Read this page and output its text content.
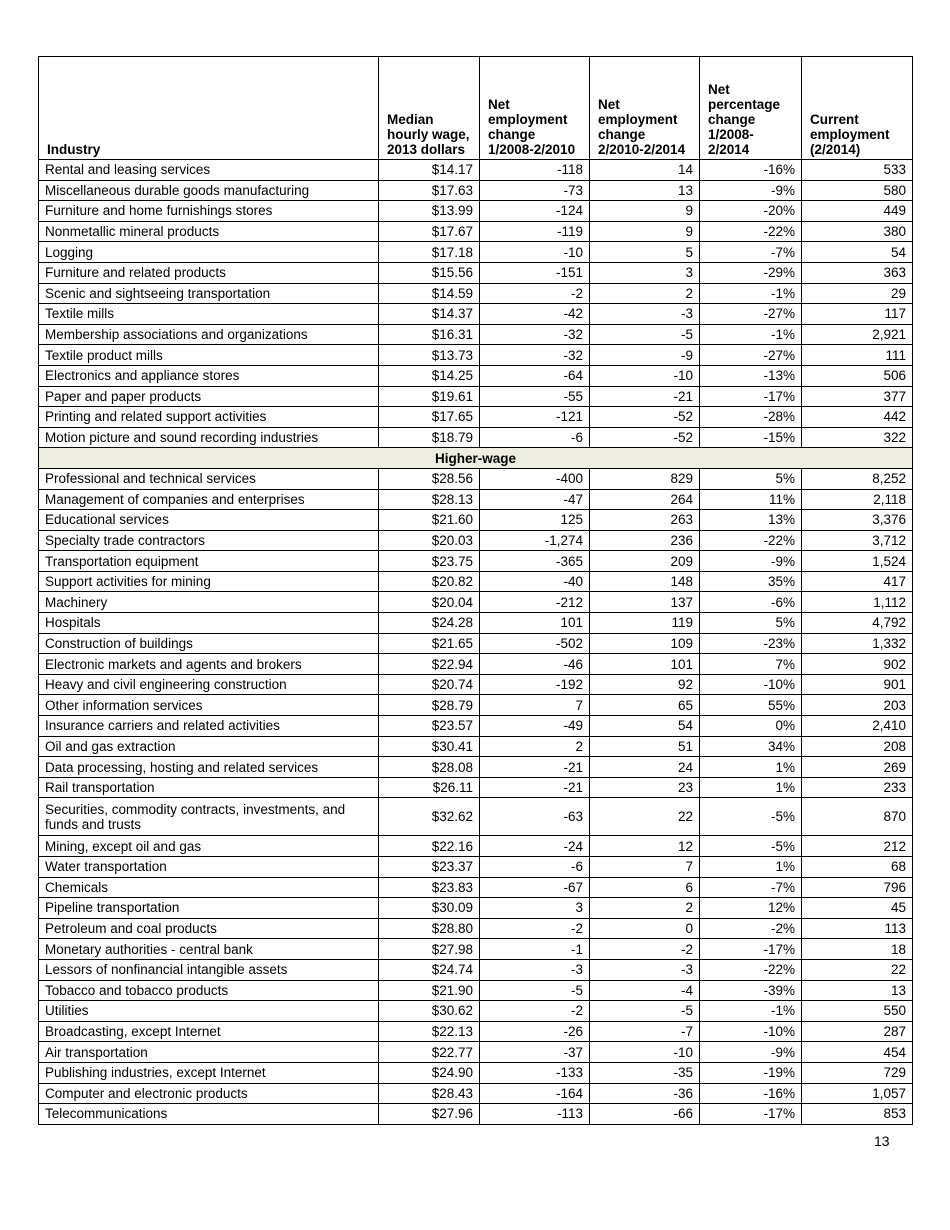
Industry	Median hourly wage, 2013 dollars	Net employment change 1/2008-2/2010	Net employment change 2/2010-2/2014	Net percentage change 1/2008-2/2014	Current employment (2/2014)
Rental and leasing services	$14.17	-118	14	-16%	533
Miscellaneous durable goods manufacturing	$17.63	-73	13	-9%	580
Furniture and home furnishings stores	$13.99	-124	9	-20%	449
Nonmetallic mineral products	$17.67	-119	9	-22%	380
Logging	$17.18	-10	5	-7%	54
Furniture and related products	$15.56	-151	3	-29%	363
Scenic and sightseeing transportation	$14.59	-2	2	-1%	29
Textile mills	$14.37	-42	-3	-27%	117
Membership associations and organizations	$16.31	-32	-5	-1%	2,921
Textile product mills	$13.73	-32	-9	-27%	111
Electronics and appliance stores	$14.25	-64	-10	-13%	506
Paper and paper products	$19.61	-55	-21	-17%	377
Printing and related support activities	$17.65	-121	-52	-28%	442
Motion picture and sound recording industries	$18.79	-6	-52	-15%	322
Higher-wage					
Professional and technical services	$28.56	-400	829	5%	8,252
Management of companies and enterprises	$28.13	-47	264	11%	2,118
Educational services	$21.60	125	263	13%	3,376
Specialty trade contractors	$20.03	-1,274	236	-22%	3,712
Transportation equipment	$23.75	-365	209	-9%	1,524
Support activities for mining	$20.82	-40	148	35%	417
Machinery	$20.04	-212	137	-6%	1,112
Hospitals	$24.28	101	119	5%	4,792
Construction of buildings	$21.65	-502	109	-23%	1,332
Electronic markets and agents and brokers	$22.94	-46	101	7%	902
Heavy and civil engineering construction	$20.74	-192	92	-10%	901
Other information services	$28.79	7	65	55%	203
Insurance carriers and related activities	$23.57	-49	54	0%	2,410
Oil and gas extraction	$30.41	2	51	34%	208
Data processing, hosting and related services	$28.08	-21	24	1%	269
Rail transportation	$26.11	-21	23	1%	233
Securities, commodity contracts, investments, and funds and trusts	$32.62	-63	22	-5%	870
Mining, except oil and gas	$22.16	-24	12	-5%	212
Water transportation	$23.37	-6	7	1%	68
Chemicals	$23.83	-67	6	-7%	796
Pipeline transportation	$30.09	3	2	12%	45
Petroleum and coal products	$28.80	-2	0	-2%	113
Monetary authorities - central bank	$27.98	-1	-2	-17%	18
Lessors of nonfinancial intangible assets	$24.74	-3	-3	-22%	22
Tobacco and tobacco products	$21.90	-5	-4	-39%	13
Utilities	$30.62	-2	-5	-1%	550
Broadcasting, except Internet	$22.13	-26	-7	-10%	287
Air transportation	$22.77	-37	-10	-9%	454
Publishing industries, except Internet	$24.90	-133	-35	-19%	729
Computer and electronic products	$28.43	-164	-36	-16%	1,057
Telecommunications	$27.96	-113	-66	-17%	853
13
